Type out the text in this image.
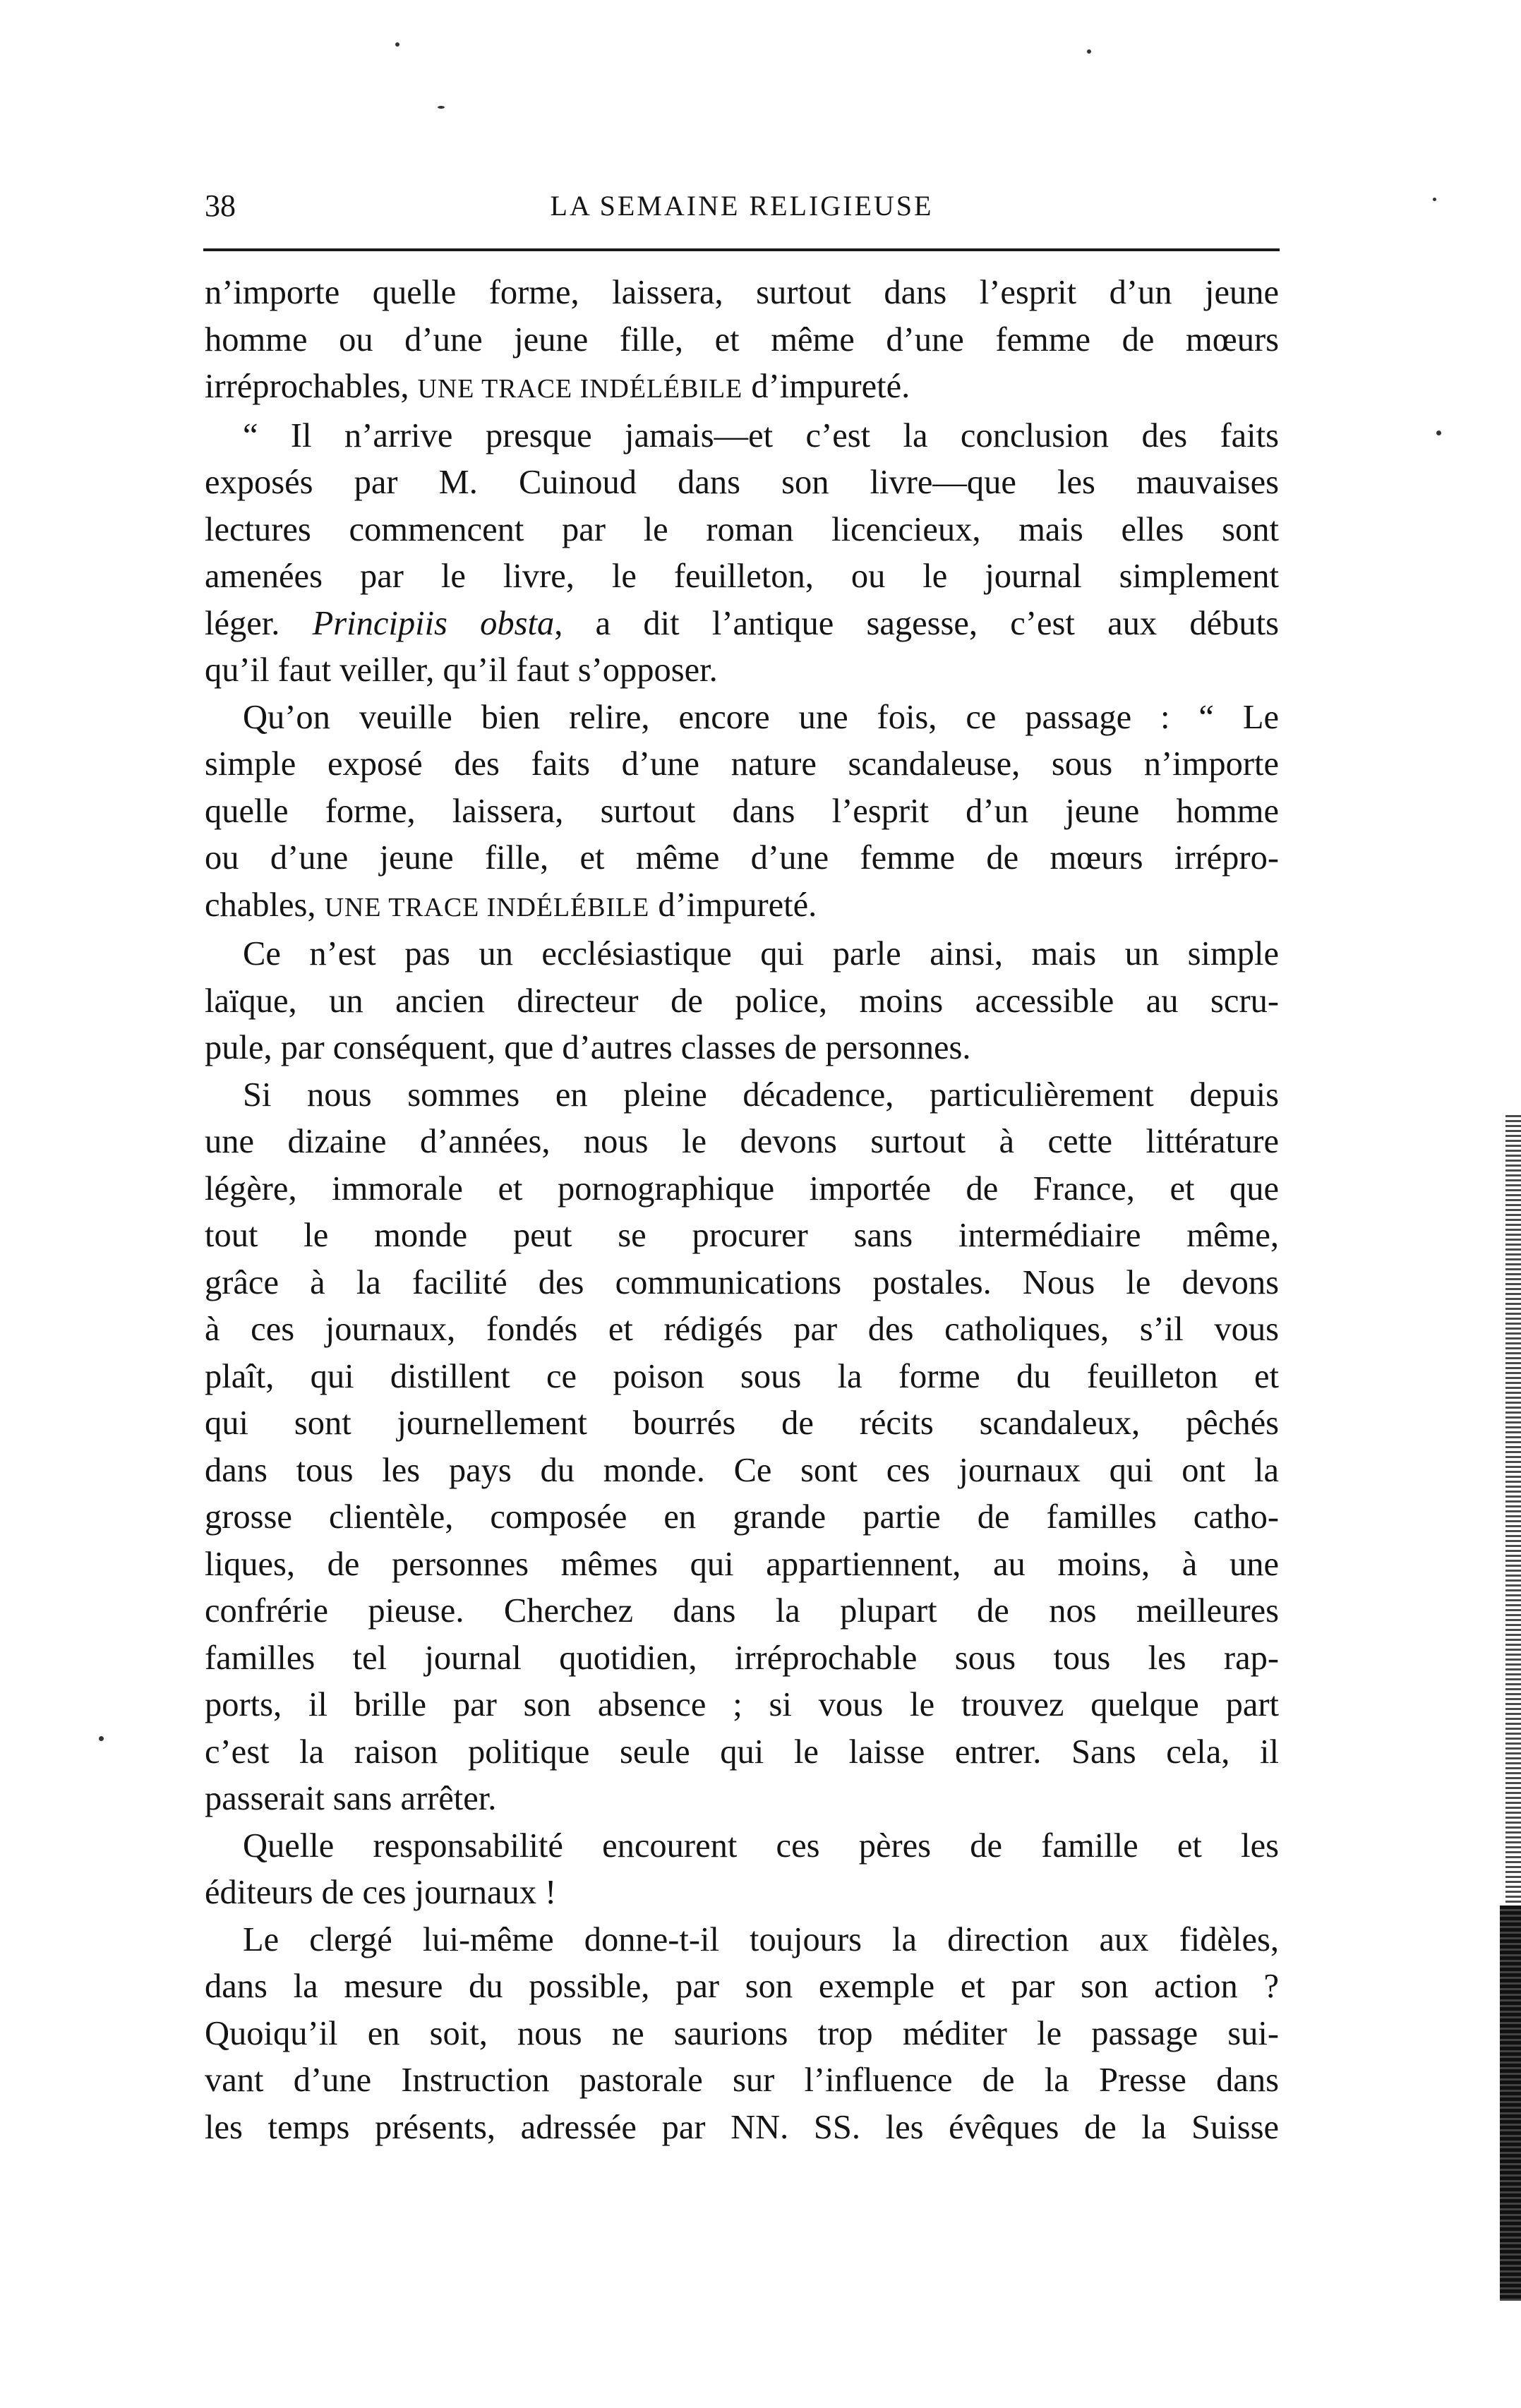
38	LA SEMAINE RELIGIEUSE

n’importe quelle forme, laissera, surtout dans l’esprit d’un jeune
homme ou d’une jeune fille, et même d’une femme de mœurs
irréprochables, UNE TRACE INDÉLÉBILE d’impureté.

“ Il n’arrive presque jamais—et c’est la conclusion des faits
exposés par M. Cuinoud dans son livre—que les mauvaises
lectures commencent par le roman licencieux, mais elles sont
amenées par le livre, le feuilleton, ou le journal simplement
léger. Principiis obsta, a dit l’antique sagesse, c’est aux débuts
qu’il faut veiller, qu’il faut s’opposer.

Qu’on veuille bien relire, encore une fois, ce passage : “ Le
simple exposé des faits d’une nature scandaleuse, sous n’importe
quelle forme, laissera, surtout dans l’esprit d’un jeune homme
ou d’une jeune fille, et même d’une femme de mœurs irrépro-
chables, UNE TRACE INDÉLÉBILE d’impureté.

Ce n’est pas un ecclésiastique qui parle ainsi, mais un simple
laïque, un ancien directeur de police, moins accessible au scru-
pule, par conséquent, que d’autres classes de personnes.

Si nous sommes en pleine décadence, particulièrement depuis
une dizaine d’années, nous le devons surtout à cette littérature
légère, immorale et pornographique importée de France, et que
tout le monde peut se procurer sans intermédiaire même,
grâce à la facilité des communications postales. Nous le devons
à ces journaux, fondés et rédigés par des catholiques, s’il vous
plaît, qui distillent ce poison sous la forme du feuilleton et
qui sont journellement bourrés de récits scandaleux, pêchés
dans tous les pays du monde. Ce sont ces journaux qui ont la
grosse clientèle, composée en grande partie de familles catho-
liques, de personnes mêmes qui appartiennent, au moins, à une
confrérie pieuse. Cherchez dans la plupart de nos meilleures
familles tel journal quotidien, irréprochable sous tous les rap-
ports, il brille par son absence ; si vous le trouvez quelque part
c’est la raison politique seule qui le laisse entrer. Sans cela, il
passerait sans arrêter.

Quelle responsabilité encourent ces pères de famille et les
éditeurs de ces journaux !

Le clergé lui-même donne-t-il toujours la direction aux fidèles,
dans la mesure du possible, par son exemple et par son action ?
Quoiqu’il en soit, nous ne saurions trop méditer le passage sui-
vant d’une Instruction pastorale sur l’influence de la Presse dans
les temps présents, adressée par NN. SS. les évêques de la Suisse
